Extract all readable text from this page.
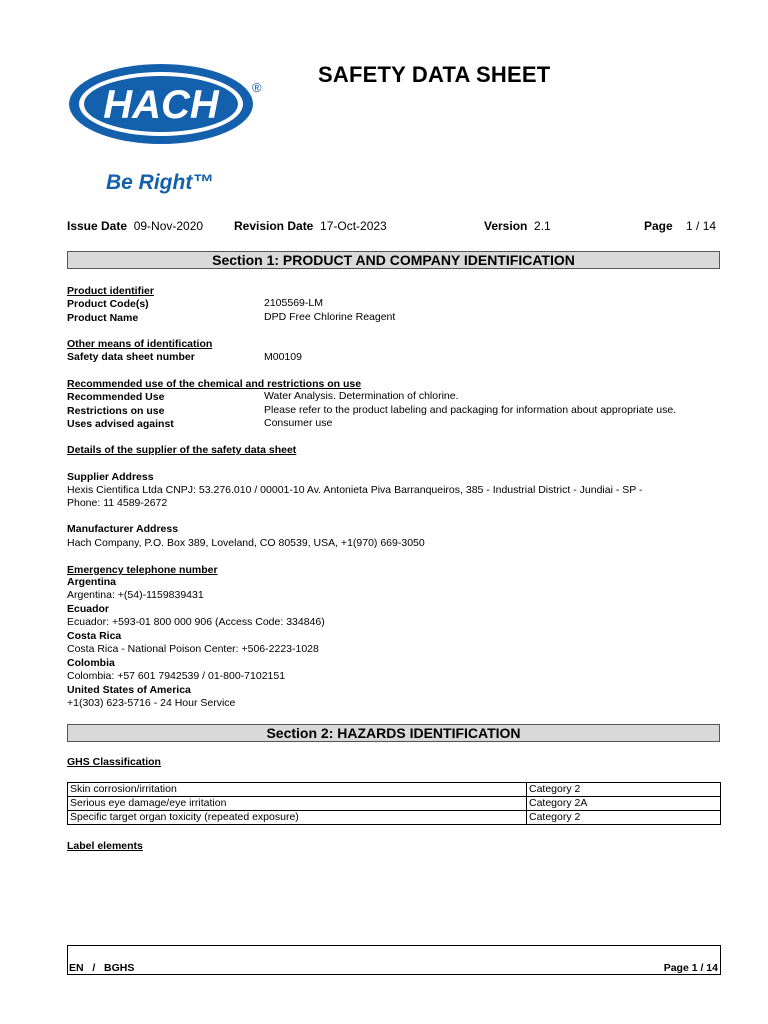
HACH	®
Be Right™
SAFETY DATA SHEET
Issue Date 09-Nov-2020	Revision Date 17-Oct-2023	Version 2.1	Page 1 / 14
Section 1: PRODUCT AND COMPANY IDENTIFICATION
Product identifier
Product Code(s)	2105569-LM
Product Name	DPD Free Chlorine Reagent
Other means of identification
Safety data sheet number	M00109
Recommended use of the chemical and restrictions on use
Recommended Use	Water Analysis. Determination of chlorine.
Restrictions on use	Please refer to the product labeling and packaging for information about appropriate use.
Uses advised against	Consumer use
Details of the supplier of the safety data sheet
Supplier Address
Hexis Cientifica Ltda CNPJ: 53.276.010 / 00001-10 Av. Antonieta Piva Barranqueiros, 385 - Industrial District - Jundiai - SP -
Phone: 11 4589-2672
Manufacturer Address
Hach Company, P.O. Box 389, Loveland, CO 80539, USA, +1(970) 669-3050
Emergency telephone number
Argentina
Argentina: +(54)-1159839431
Ecuador
Ecuador: +593-01 800 000 906 (Access Code: 334846)
Costa Rica
Costa Rica - National Poison Center: +506-2223-1028
Colombia
Colombia: +57 601 7942539 / 01-800-7102151
United States of America
+1(303) 623-5716 - 24 Hour Service
Section 2: HAZARDS IDENTIFICATION
GHS Classification
Skin corrosion/irritation	Category 2
Serious eye damage/eye irritation	Category 2A
Specific target organ toxicity (repeated exposure)	Category 2
Label elements
EN   /   BGHS	Page 1 / 14
